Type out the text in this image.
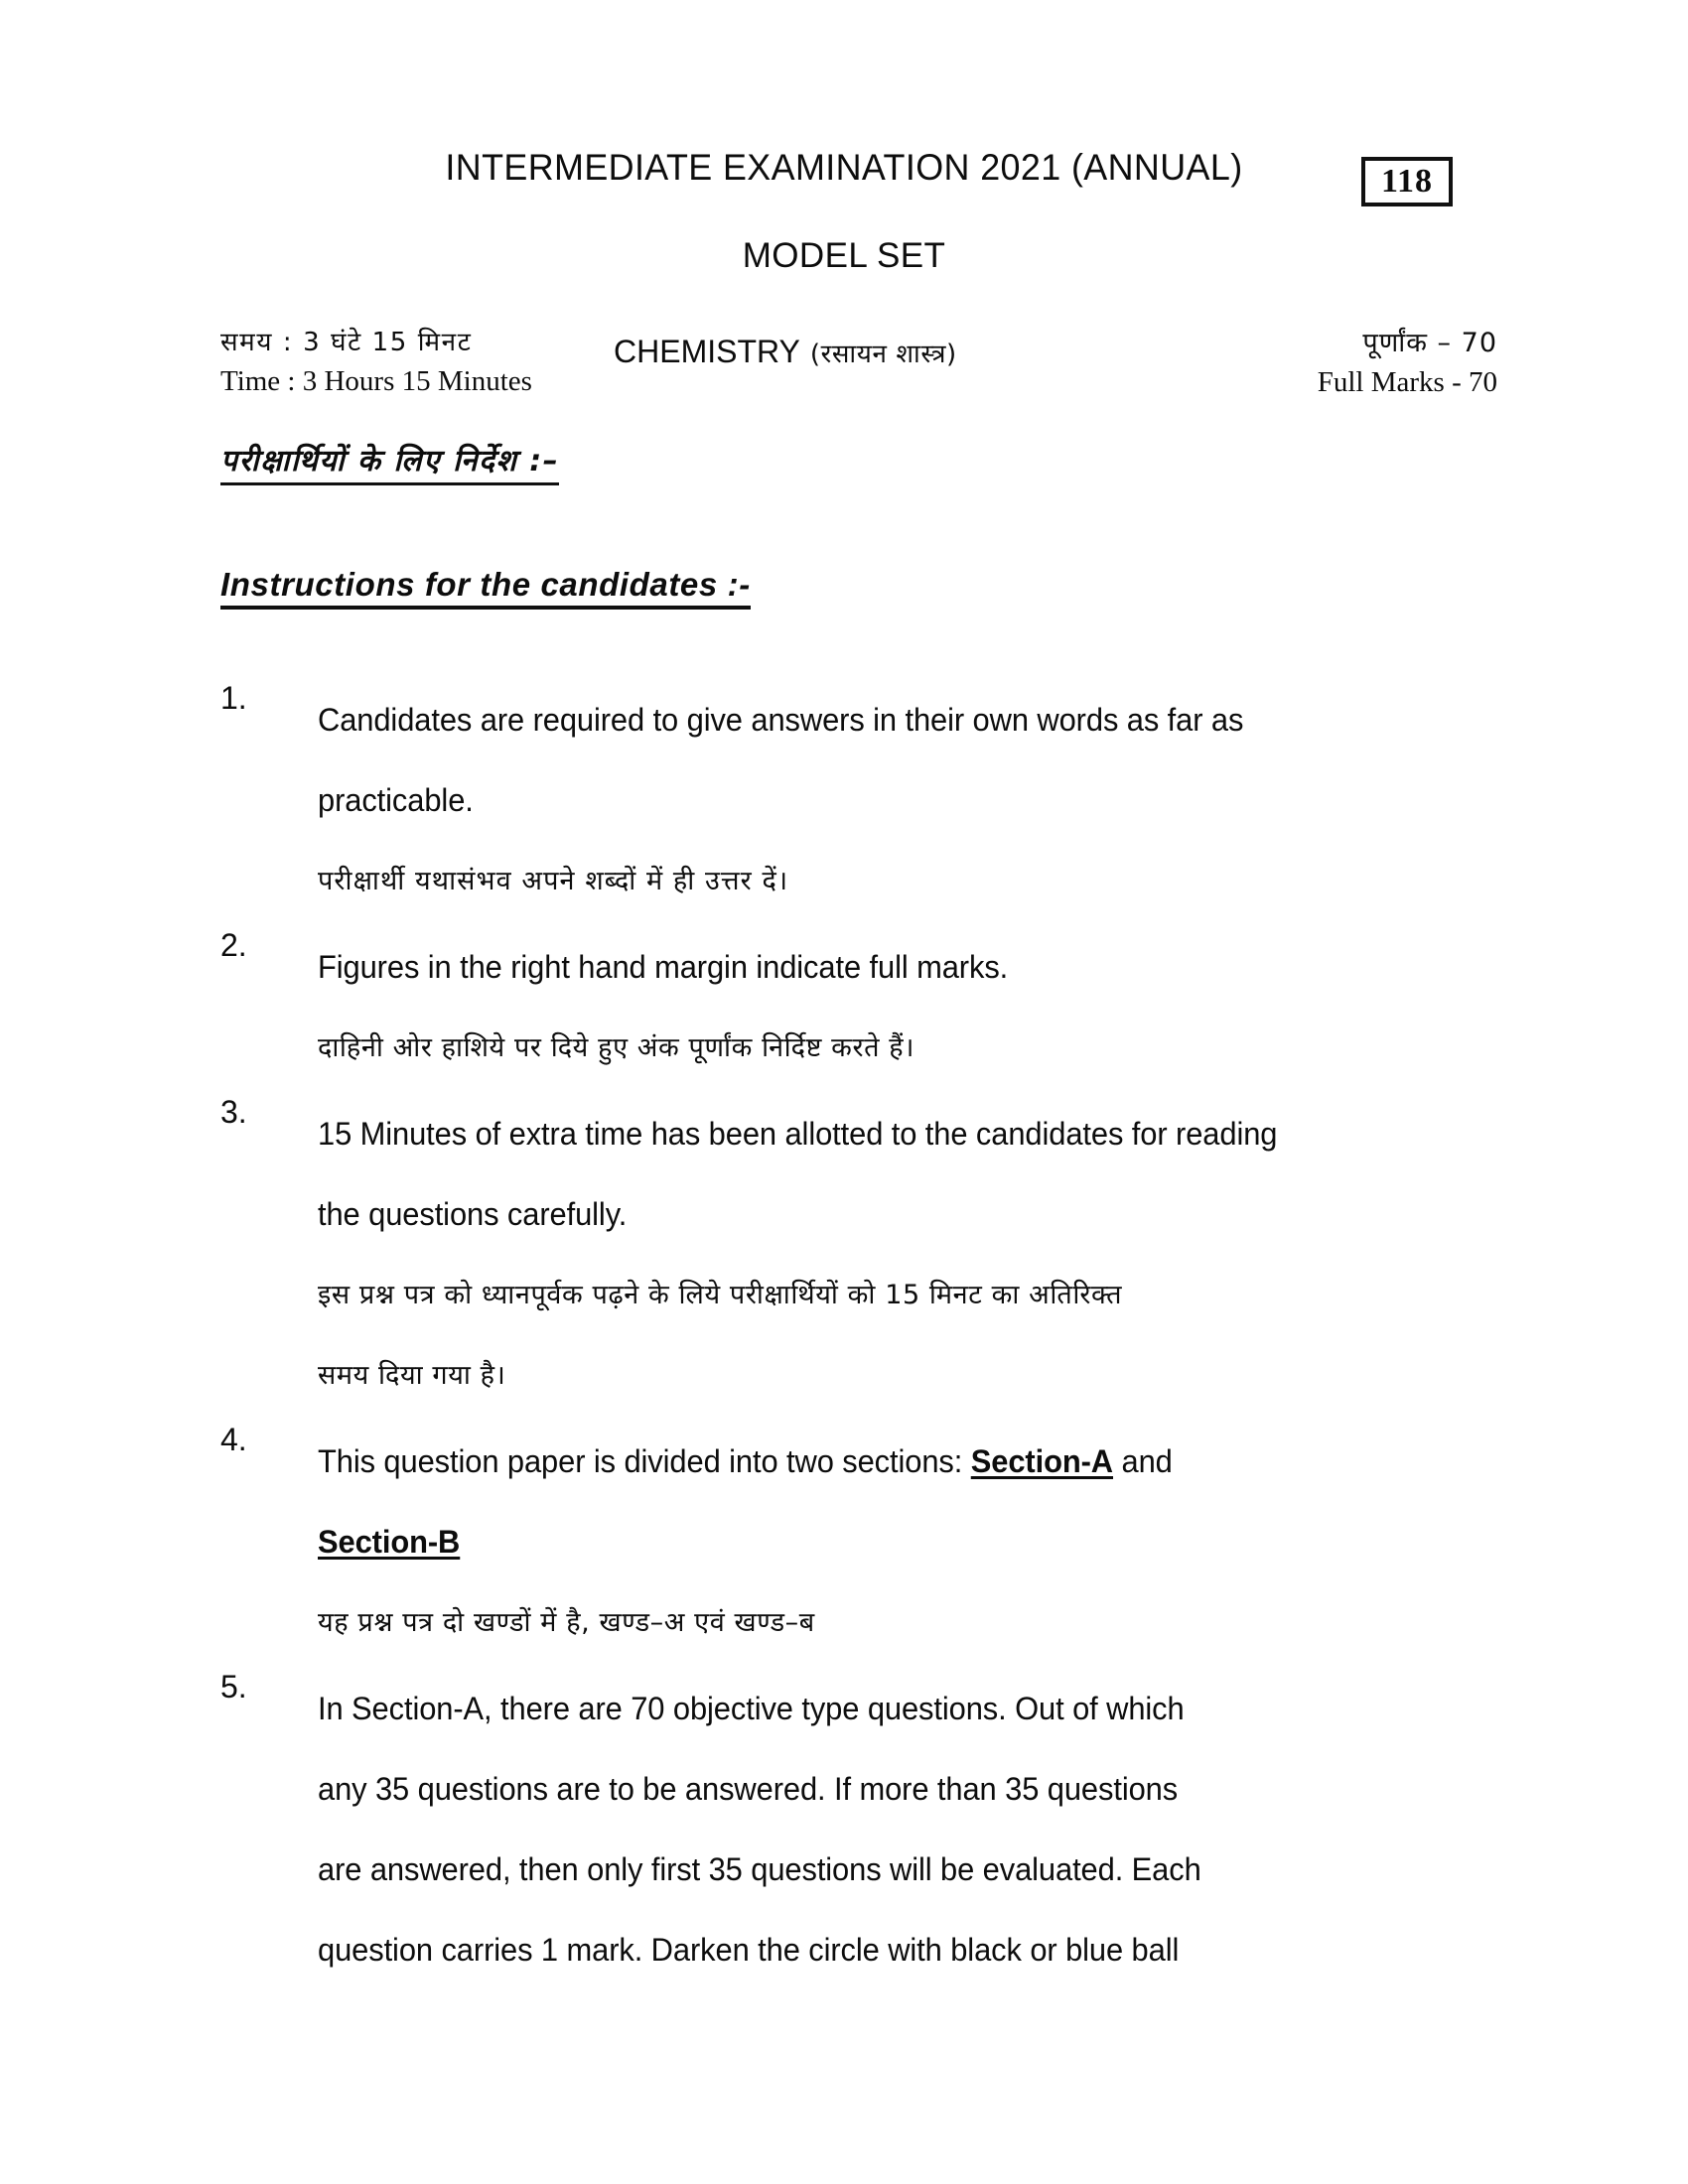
INTERMEDIATE EXAMINATION 2021 (ANNUAL)	118
MODEL SET
समय : 3 घंटे 15 मिनट
Time : 3 Hours 15 Minutes
CHEMISTRY (रसायन शास्त्र)	पूर्णांक – 70
Full Marks - 70
परीक्षार्थियों के लिए निर्देश :–
Instructions for the candidates :-
1.
Candidates are required to give answers in their own words as far as
practicable.
परीक्षार्थी यथासंभव अपने शब्दों में ही उत्तर दें।
2.
Figures in the right hand margin indicate full marks.
दाहिनी ओर हाशिये पर दिये हुए अंक पूर्णांक निर्दिष्ट करते हैं।
3.
15 Minutes of extra time has been allotted to the candidates for reading
the questions carefully.
इस प्रश्न पत्र को ध्यानपूर्वक पढ़ने के लिये परीक्षार्थियों को 15 मिनट का अतिरिक्त
समय दिया गया है।
4.
This question paper is divided into two sections: Section-A and
Section-B
यह प्रश्न पत्र दो खण्डों में है, खण्ड–अ एवं खण्ड–ब
5.
In Section-A, there are 70 objective type questions. Out of which
any 35 questions are to be answered. If more than 35 questions
are answered, then only first 35 questions will be evaluated. Each
question carries 1 mark. Darken the circle with black or blue ball
